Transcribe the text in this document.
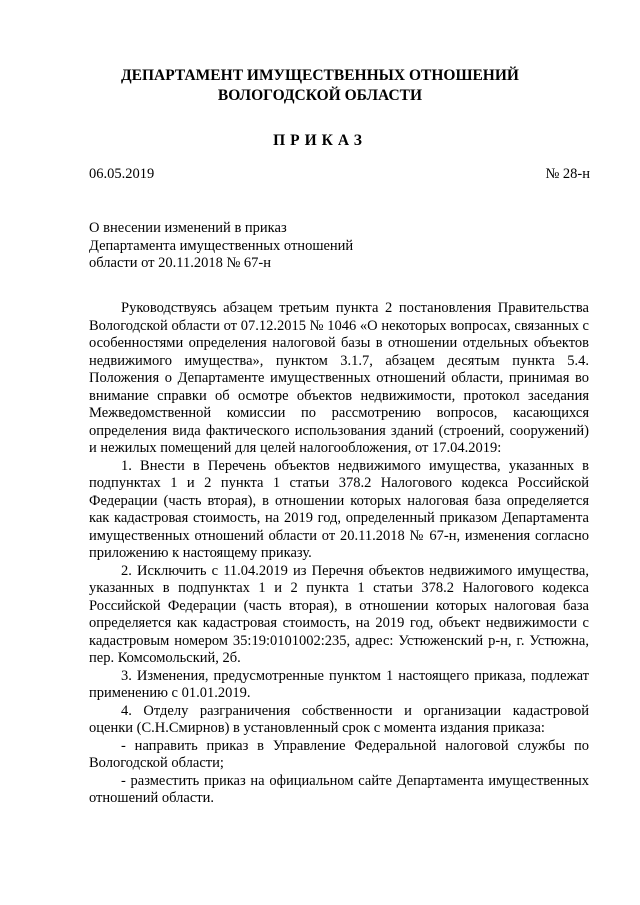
ДЕПАРТАМЕНТ ИМУЩЕСТВЕННЫХ ОТНОШЕНИЙ
ВОЛОГОДСКОЙ ОБЛАСТИ
ПРИКАЗ
06.05.2019	№ 28-н
О внесении изменений в приказ
Департамента имущественных отношений
области от 20.11.2018 № 67-н

Руководствуясь абзацем третьим пункта 2 постановления Правительства Вологодской области от 07.12.2015 № 1046 «О некоторых вопросах, связанных с особенностями определения налоговой базы в отношении отдельных объектов недвижимого имущества», пунктом 3.1.7, абзацем десятым пункта 5.4. Положения о Департаменте имущественных отношений области, принимая во внимание справки об осмотре объектов недвижимости, протокол заседания Межведомственной комиссии по рассмотрению вопросов, касающихся определения вида фактического использования зданий (строений, сооружений) и нежилых помещений для целей налогообложения, от 17.04.2019:

1. Внести в Перечень объектов недвижимого имущества, указанных в подпунктах 1 и 2 пункта 1 статьи 378.2 Налогового кодекса Российской Федерации (часть вторая), в отношении которых налоговая база определяется как кадастровая стоимость, на 2019 год, определенный приказом Департамента имущественных отношений области от 20.11.2018 № 67-н, изменения согласно приложению к настоящему приказу.

2. Исключить с 11.04.2019 из Перечня объектов недвижимого имущества, указанных в подпунктах 1 и 2 пункта 1 статьи 378.2 Налогового кодекса Российской Федерации (часть вторая), в отношении которых налоговая база определяется как кадастровая стоимость, на 2019 год, объект недвижимости с кадастровым номером 35:19:0101002:235, адрес: Устюженский р-н, г. Устюжна, пер. Комсомольский, 2б.

3. Изменения, предусмотренные пунктом 1 настоящего приказа, подлежат применению с 01.01.2019.

4. Отделу разграничения собственности и организации кадастровой оценки (С.Н.Смирнов) в установленный срок с момента издания приказа:

- направить приказ в Управление Федеральной налоговой службы по Вологодской области;

- разместить приказ на официальном сайте Департамента имущественных отношений области.
